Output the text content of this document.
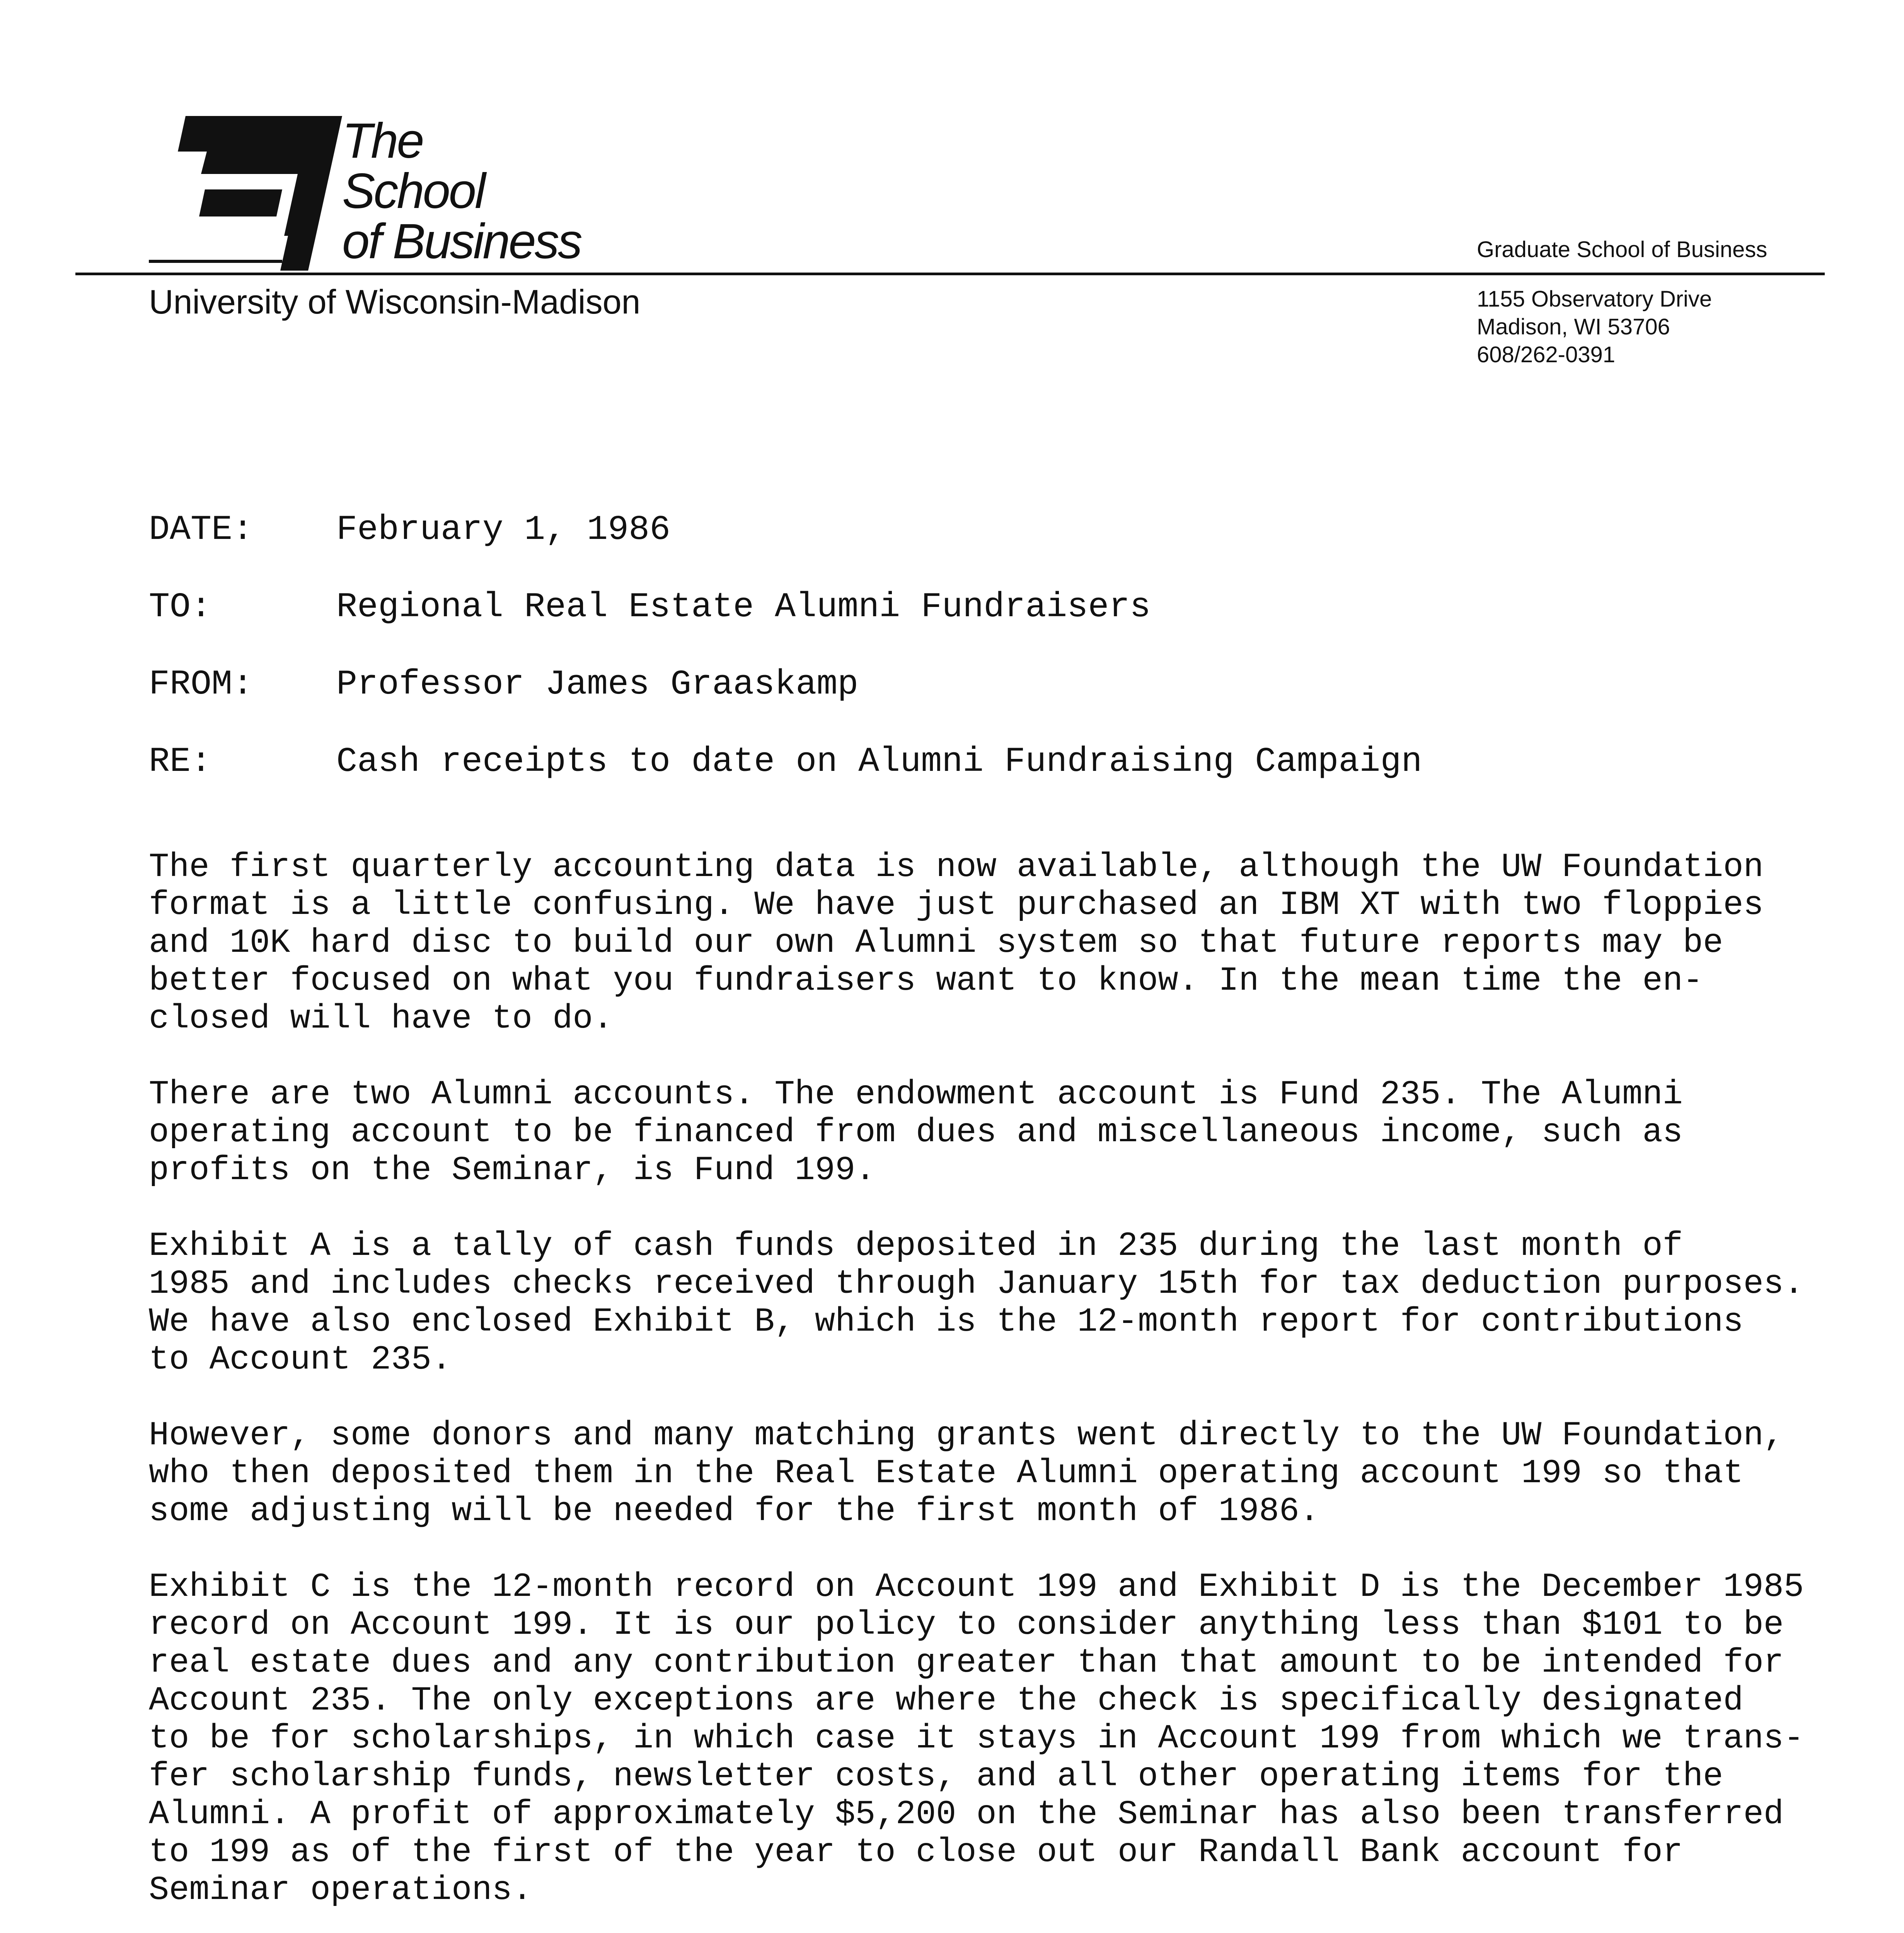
The
School
of Business	Graduate School of Business
University of Wisconsin-Madison	1155 Observatory Drive
Madison, WI 53706
608/262-0391
DATE: February 1, 1986
TO:	Regional Real Estate Alumni Fundraisers
FROM: Professor James Graaskamp
RE:	Cash receipts to date on Alumni Fundraising Campaign

The first quarterly accounting data is now available, although the UW Foundation
format is a little confusing. We have just purchased an IBM XT with two floppies
and 10K hard disc to build our own Alumni system so that future reports may be
better focused on what you fundraisers want to know. In the mean time the en-
closed will have to do.

There are two Alumni accounts. The endowment account is Fund 235. The Alumni
operating account to be financed from dues and miscellaneous income, such as
profits on the Seminar, is Fund 199.

Exhibit A is a tally of cash funds deposited in 235 during the last month of
1985 and includes checks received through January 15th for tax deduction purposes.
We have also enclosed Exhibit B, which is the 12-month report for contributions
to Account 235.

However, some donors and many matching grants went directly to the UW Foundation,
who then deposited them in the Real Estate Alumni operating account 199 so that
some adjusting will be needed for the first month of 1986.

Exhibit C is the 12-month record on Account 199 and Exhibit D is the December 1985
record on Account 199. It is our policy to consider anything less than $101 to be
real estate dues and any contribution greater than that amount to be intended for
Account 235. The only exceptions are where the check is specifically designated
to be for scholarships, in which case it stays in Account 199 from which we trans-
fer scholarship funds, newsletter costs, and all other operating items for the
Alumni. A profit of approximately $5,200 on the Seminar has also been transferred
to 199 as of the first of the year to close out our Randall Bank account for
Seminar operations.
